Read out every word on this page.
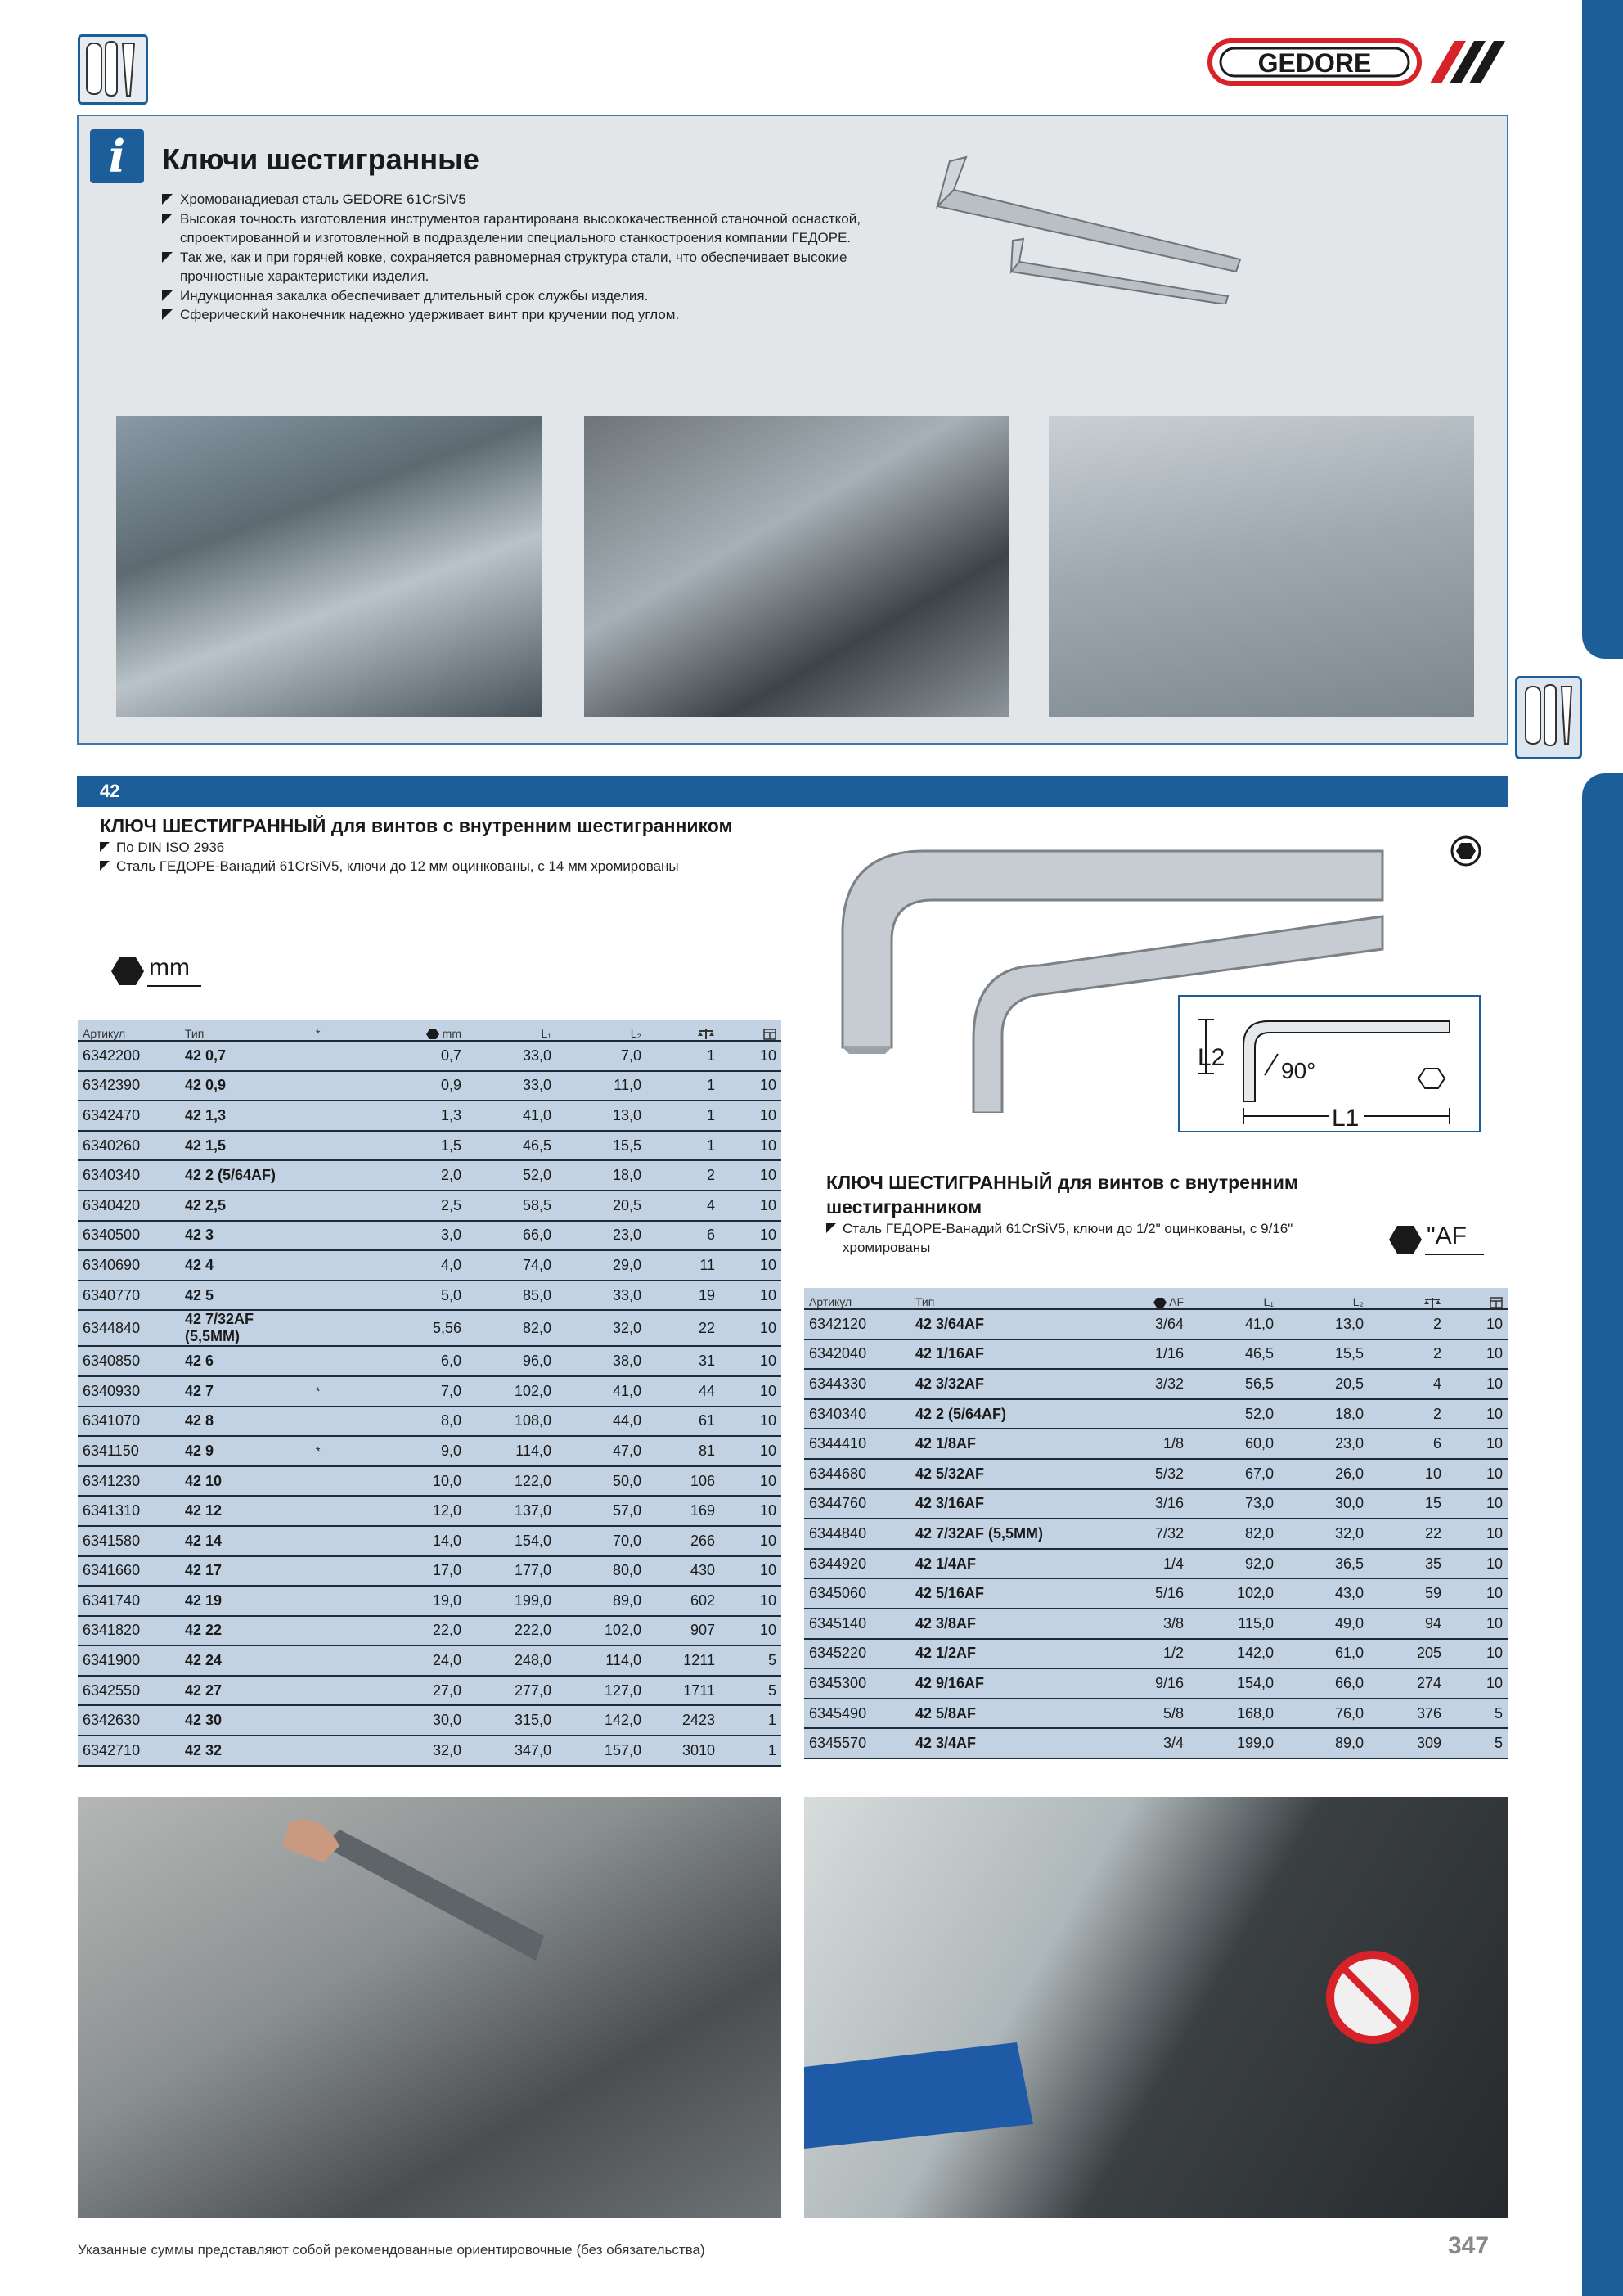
GEDORE
i	Ключи шестигранные
Хромованадиевая сталь GEDORE 61CrSiV5
Высокая точность изготовления инструментов гарантирована высококачественной станочной оснасткой, спроектированной и изготовленной в подразделении специального станкостроения компании ГЕДОРЕ.
Так же, как и при горячей ковке, сохраняется равномерная структура стали, что обеспечивает высокие прочностные характеристики изделия.
Индукционная закалка обеспечивает длительный срок службы изделия.
Сферический наконечник надежно удерживает винт при кручении под углом.
42
КЛЮЧ ШЕСТИГРАННЫЙ для винтов с внутренним шестигранником
По DIN ISO 2936
Сталь ГЕДОРЕ-Ванадий 61CrSiV5, ключи до 12 мм оцинкованы, с 14 мм хромированы
mm
L2 90°
L1
КЛЮЧ ШЕСТИГРАННЫЙ для винтов с внутренним шестигранником
Сталь ГЕДОРЕ-Ванадий 61CrSiV5, ключи до 1/2" оцинкованы, с 9/16" хромированы	"AF
Артикул	Тип	*	mm	L₁	L₂		
6342200	42 0,7		0,7	33,0	7,0	1	10
6342390	42 0,9		0,9	33,0	11,0	1	10
6342470	42 1,3		1,3	41,0	13,0	1	10
6340260	42 1,5		1,5	46,5	15,5	1	10
6340340	42 2 (5/64AF)		2,0	52,0	18,0	2	10
6340420	42 2,5		2,5	58,5	20,5	4	10
6340500	42 3		3,0	66,0	23,0	6	10
6340690	42 4		4,0	74,0	29,0	11	10
6340770	42 5		5,0	85,0	33,0	19	10
6344840	42 7/32AF (5,5MM)		5,56	82,0	32,0	22	10
6340850	42 6		6,0	96,0	38,0	31	10
6340930	42 7	*	7,0	102,0	41,0	44	10
6341070	42 8		8,0	108,0	44,0	61	10
6341150	42 9	*	9,0	114,0	47,0	81	10
6341230	42 10		10,0	122,0	50,0	106	10
6341310	42 12		12,0	137,0	57,0	169	10
6341580	42 14		14,0	154,0	70,0	266	10
6341660	42 17		17,0	177,0	80,0	430	10
6341740	42 19		19,0	199,0	89,0	602	10
6341820	42 22		22,0	222,0	102,0	907	10
6341900	42 24		24,0	248,0	114,0	1211	5
6342550	42 27		27,0	277,0	127,0	1711	5
6342630	42 30		30,0	315,0	142,0	2423	1
6342710	42 32		32,0	347,0	157,0	3010	1
Артикул	Тип	AF	L₁	L₂		
6342120	42 3/64AF	3/64	41,0	13,0	2	10
6342040	42 1/16AF	1/16	46,5	15,5	2	10
6344330	42 3/32AF	3/32	56,5	20,5	4	10
6340340	42 2 (5/64AF)		52,0	18,0	2	10
6344410	42 1/8AF	1/8	60,0	23,0	6	10
6344680	42 5/32AF	5/32	67,0	26,0	10	10
6344760	42 3/16AF	3/16	73,0	30,0	15	10
6344840	42 7/32AF (5,5MM)	7/32	82,0	32,0	22	10
6344920	42 1/4AF	1/4	92,0	36,5	35	10
6345060	42 5/16AF	5/16	102,0	43,0	59	10
6345140	42 3/8AF	3/8	115,0	49,0	94	10
6345220	42 1/2AF	1/2	142,0	61,0	205	10
6345300	42 9/16AF	9/16	154,0	66,0	274	10
6345490	42 5/8AF	5/8	168,0	76,0	376	5
6345570	42 3/4AF	3/4	199,0	89,0	309	5
Указанные суммы представляют собой рекомендованные ориентировочные (без обязательства)	347
